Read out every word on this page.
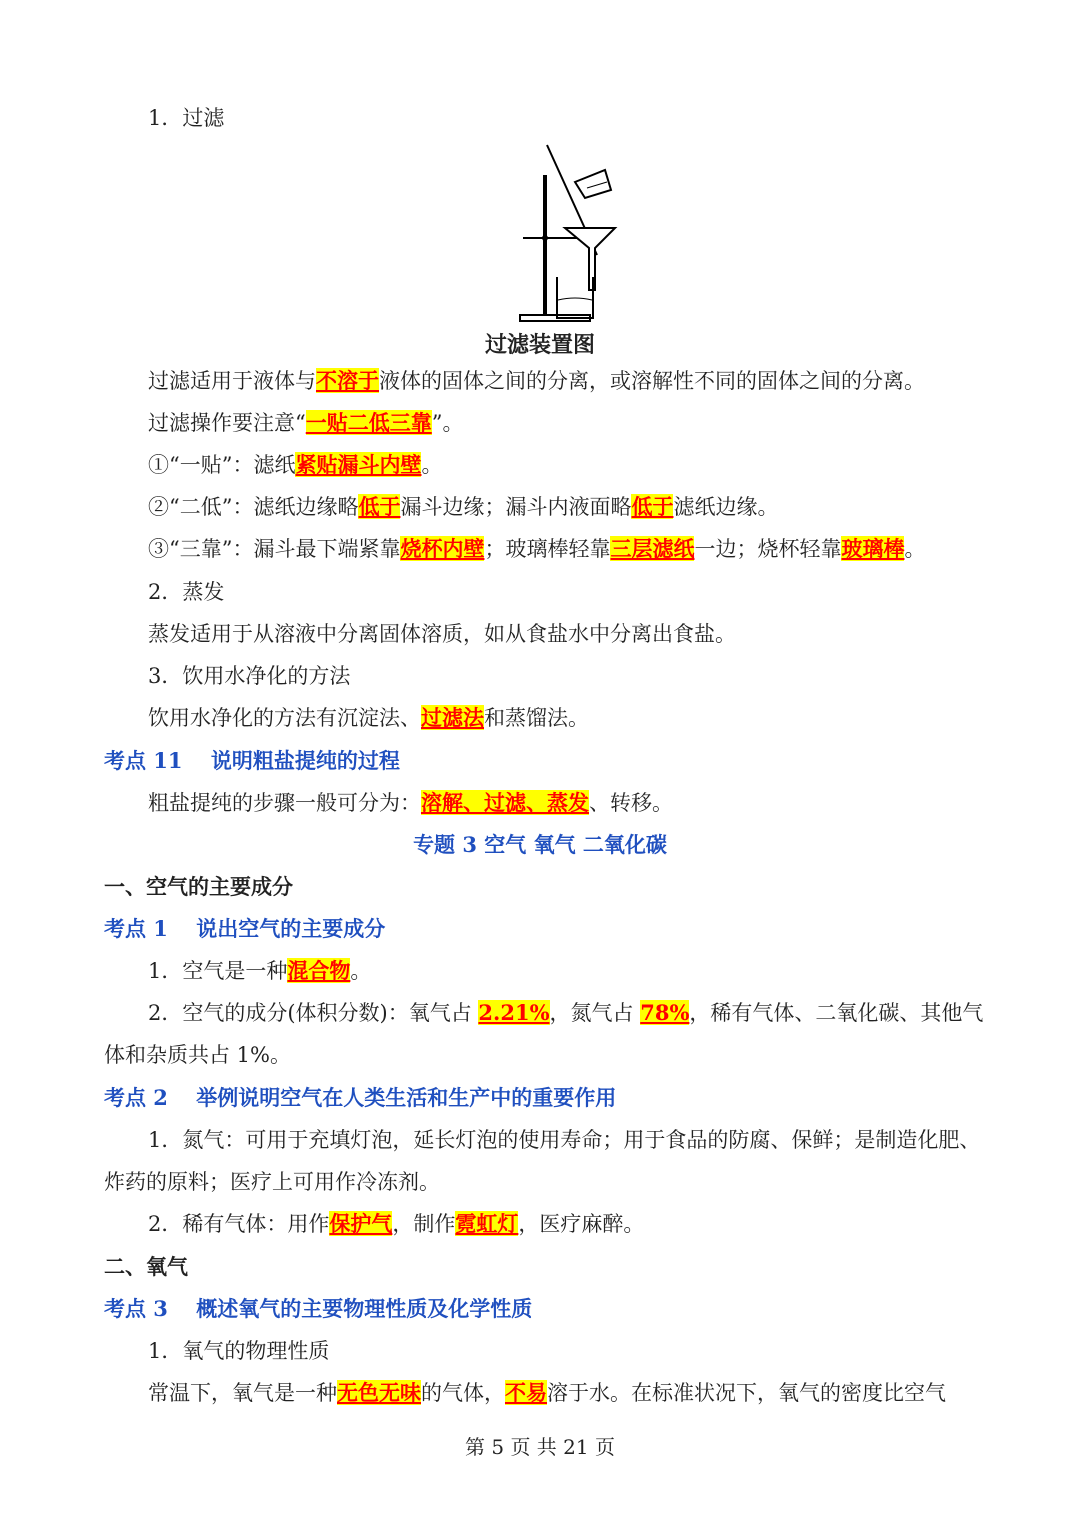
1．过滤
过滤装置图
过滤适用于液体与不溶于液体的固体之间的分离，或溶解性不同的固体之间的分离。
过滤操作要注意“一贴二低三靠”。
①“一贴”：滤纸紧贴漏斗内壁。
②“二低”：滤纸边缘略低于漏斗边缘；漏斗内液面略低于滤纸边缘。
③“三靠”：漏斗最下端紧靠烧杯内壁；玻璃棒轻靠三层滤纸一边；烧杯轻靠玻璃棒。
2．蒸发
蒸发适用于从溶液中分离固体溶质，如从食盐水中分离出食盐。
3．饮用水净化的方法
饮用水净化的方法有沉淀法、过滤法和蒸馏法。
考点 11　 说明粗盐提纯的过程
粗盐提纯的步骤一般可分为：溶解、过滤、蒸发、转移。
专题 3 空气 氧气 二氧化碳
一、空气的主要成分
考点 1　 说出空气的主要成分
1．空气是一种混合物。
2．空气的成分(体积分数)：氧气占 2.21%，氮气占 78%，稀有气体、二氧化碳、其他气
体和杂质共占 1%。
考点 2　 举例说明空气在人类生活和生产中的重要作用
1．氮气：可用于充填灯泡，延长灯泡的使用寿命；用于食品的防腐、保鲜；是制造化肥、
炸药的原料；医疗上可用作冷冻剂。
2．稀有气体：用作保护气，制作霓虹灯，医疗麻醉。
二、氧气
考点 3　 概述氧气的主要物理性质及化学性质
1．氧气的物理性质
常温下，氧气是一种无色无味的气体，不易溶于水。在标准状况下，氧气的密度比空气
第 5 页 共 21 页
